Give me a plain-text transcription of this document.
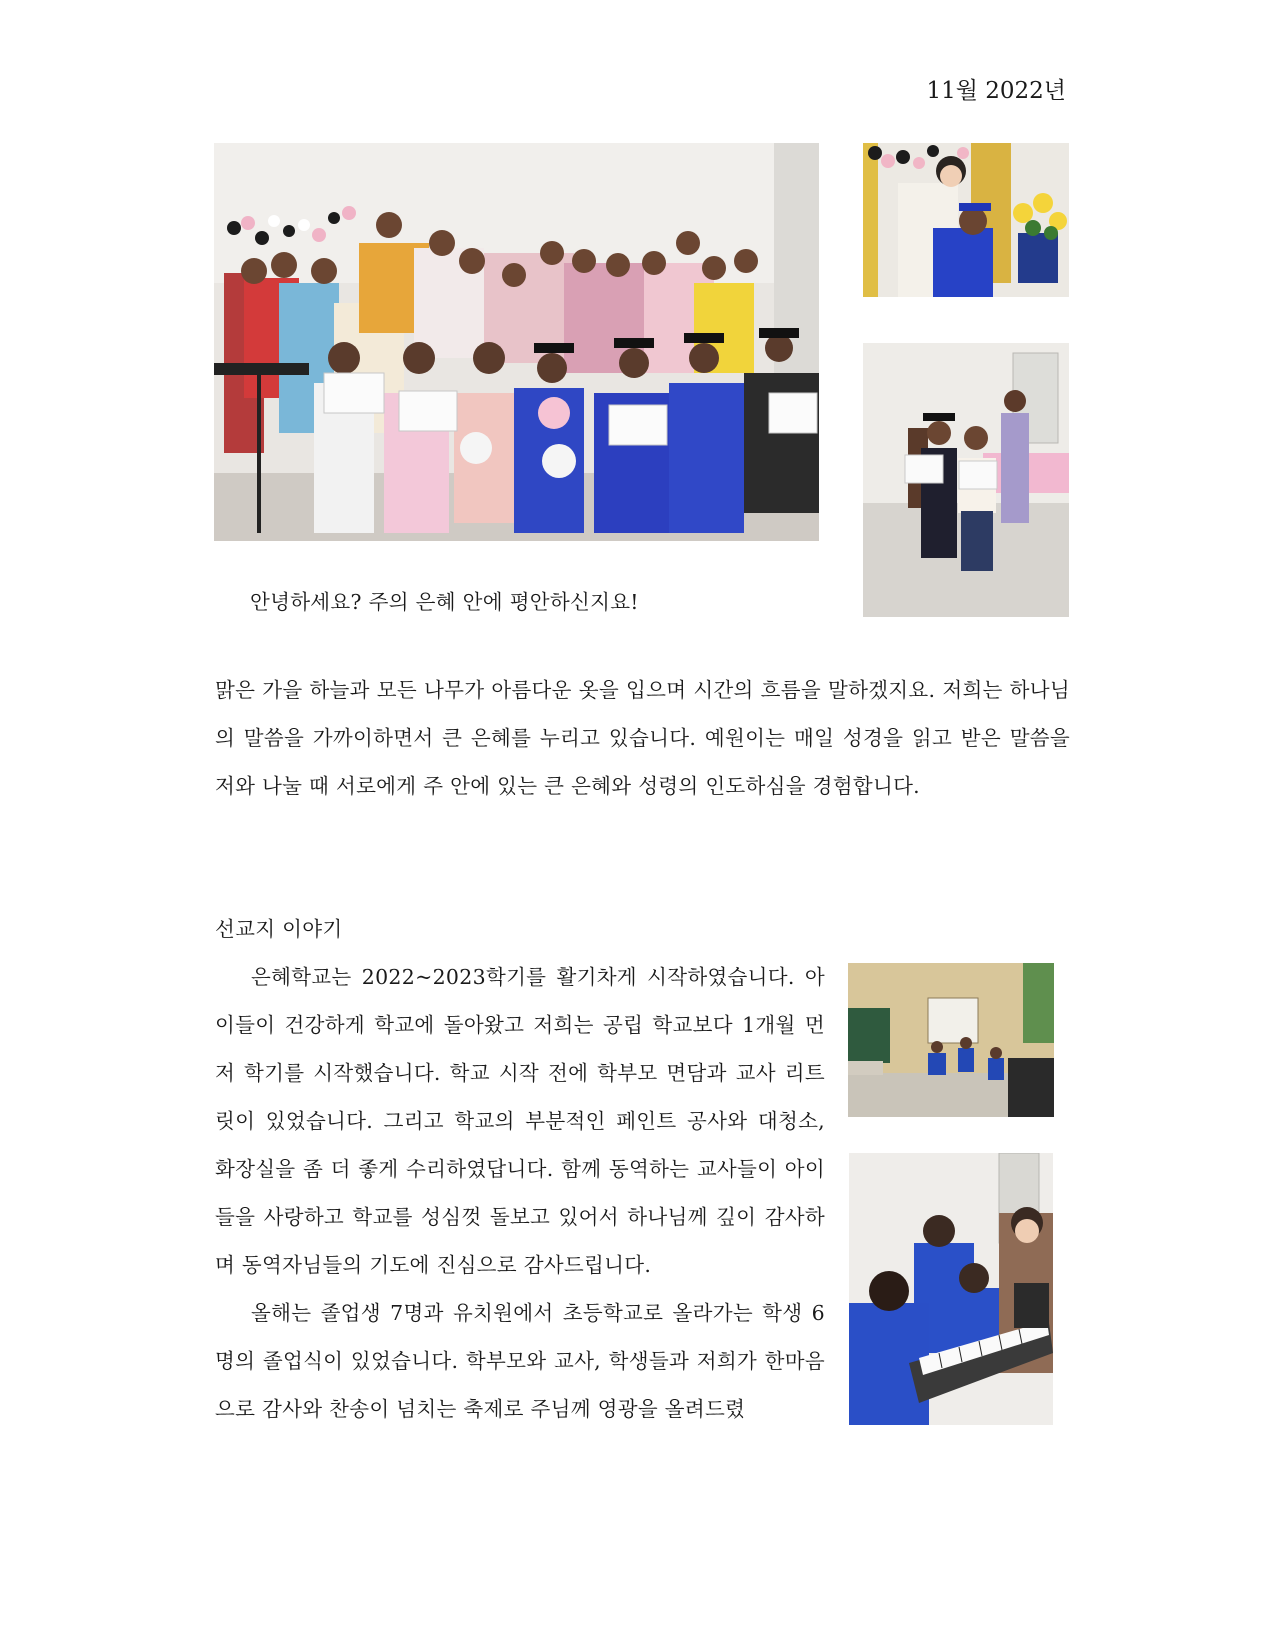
11월 2022년
안녕하세요? 주의 은혜 안에 평안하신지요!

맑은 가을 하늘과 모든 나무가 아름다운 옷을 입으며 시간의 흐름을 말하겠지요. 저희는 하나님의 말씀을 가까이하면서 큰 은혜를 누리고 있습니다. 예원이는 매일 성경을 읽고 받은 말씀을 저와 나눌 때 서로에게 주 안에 있는 큰 은혜와 성령의 인도하심을 경험합니다.

선교지 이야기

은혜학교는 2022~2023학기를 활기차게 시작하였습니다. 아이들이 건강하게 학교에 돌아왔고 저희는 공립 학교보다 1개월 먼저 학기를 시작했습니다. 학교 시작 전에 학부모 면담과 교사 리트릿이 있었습니다. 그리고 학교의 부분적인 페인트 공사와 대청소, 화장실을 좀 더 좋게 수리하였답니다. 함께 동역하는 교사들이 아이들을 사랑하고 학교를 성심껏 돌보고 있어서 하나님께 깊이 감사하며 동역자님들의 기도에 진심으로 감사드립니다.

올해는 졸업생 7명과 유치원에서 초등학교로 올라가는 학생 6명의 졸업식이 있었습니다. 학부모와 교사, 학생들과 저희가 한마음으로 감사와 찬송이 넘치는 축제로 주님께 영광을 올려드렸
